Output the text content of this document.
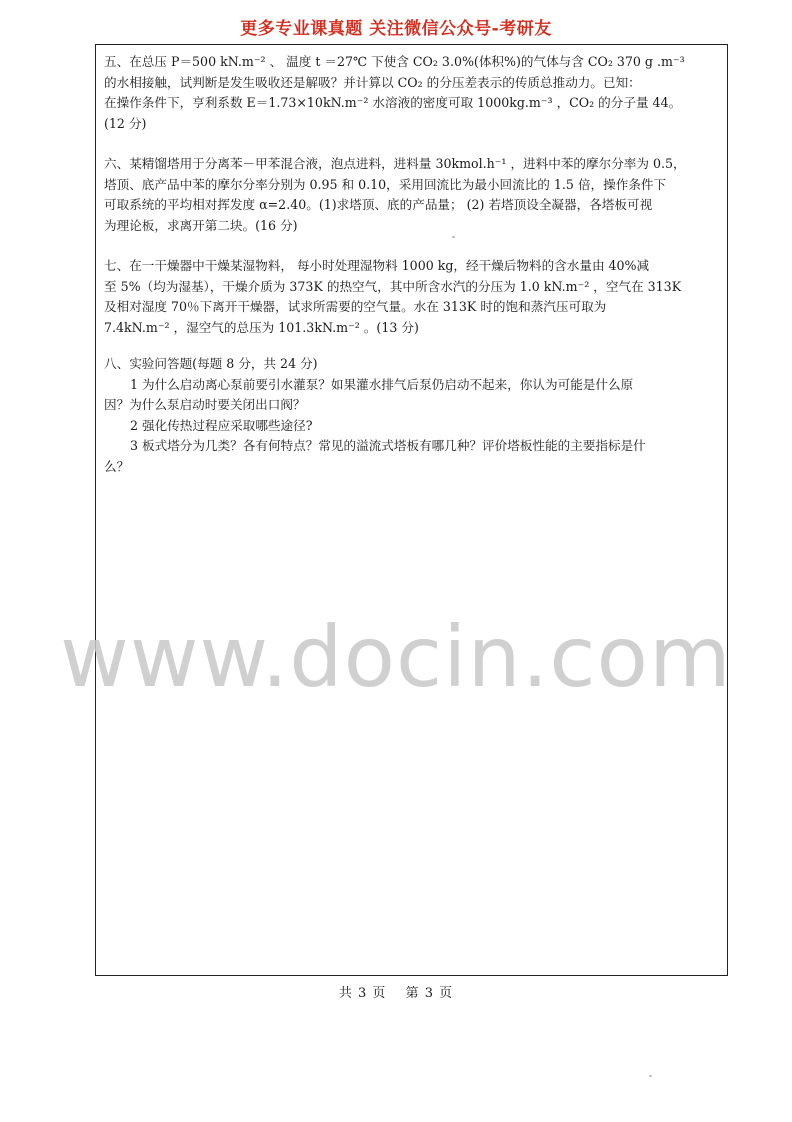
更多专业课真题 关注微信公众号-考研友

五、在总压 P＝500 kN.m⁻² 、 温度 t ＝27℃ 下使含 CO₂ 3.0%(体积%)的气体与含 CO₂ 370 g .m⁻³

的水相接触，试判断是发生吸收还是解吸？并计算以 CO₂ 的分压差表示的传质总推动力。已知：

在操作条件下，亨利系数 E＝1.73×10kN.m⁻² 水溶液的密度可取 1000kg.m⁻³ ，CO₂ 的分子量 44。

(12 分)

六、某精馏塔用于分离苯－甲苯混合液，泡点进料，进料量 30kmol.h⁻¹ ，进料中苯的摩尔分率为 0.5，

塔顶、底产品中苯的摩尔分率分别为 0.95 和 0.10，采用回流比为最小回流比的 1.5 倍，操作条件下

可取系统的平均相对挥发度 α=2.40。(1)求塔顶、底的产品量； (2) 若塔顶设全凝器，各塔板可视

为理论板，求离开第二块。(16 分)

七、在一干燥器中干燥某湿物料， 每小时处理湿物料 1000 kg，经干燥后物料的含水量由 40%减

至 5%（均为湿基），干燥介质为 373K 的热空气，其中所含水汽的分压为 1.0 kN.m⁻² ，空气在 313K

及相对湿度 70％下离开干燥器，试求所需要的空气量。水在 313K 时的饱和蒸汽压可取为

7.4kN.m⁻² ，湿空气的总压为 101.3kN.m⁻² 。(13 分)

八、实验问答题(每题 8 分，共 24 分)

1 为什么启动离心泵前要引水灌泵？如果灌水排气后泵仍启动不起来，你认为可能是什么原

因？为什么泵启动时要关闭出口阀？

2 强化传热过程应采取哪些途径?

3 板式塔分为几类？各有何特点？常见的溢流式塔板有哪几种？评价塔板性能的主要指标是什

么？

www.docin.com
共 3 页　 第 3 页
